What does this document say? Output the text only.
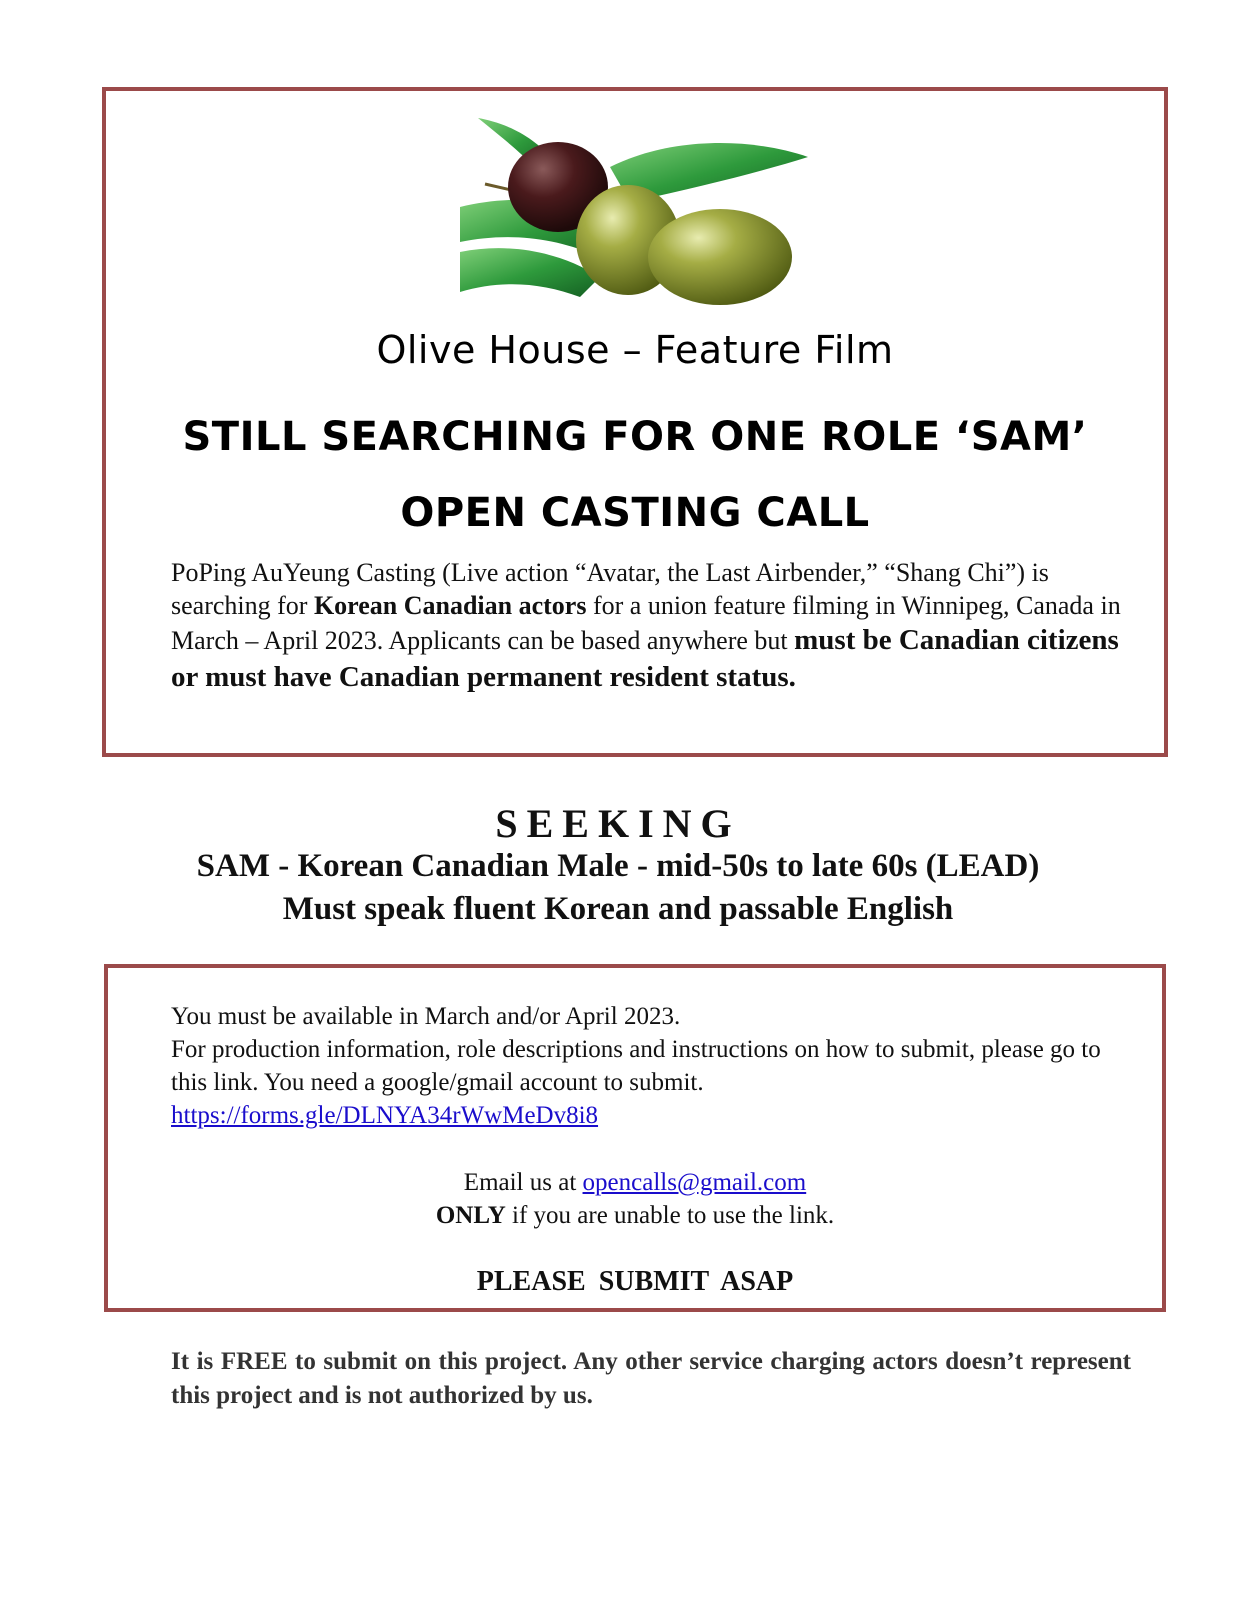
Olive House – Feature Film
STILL SEARCHING FOR ONE ROLE ‘SAM’
OPEN CASTING CALL
PoPing AuYeung Casting (Live action “Avatar, the Last Airbender,” “Shang Chi”) is searching for Korean Canadian actors for a union feature filming in Winnipeg, Canada in March – April 2023. Applicants can be based anywhere but must be Canadian citizens or must have Canadian permanent resident status.
SEEKING
SAM - Korean Canadian Male - mid-50s to late 60s (LEAD)
Must speak fluent Korean and passable English
You must be available in March and/or April 2023.
For production information, role descriptions and instructions on how to submit, please go to this link. You need a google/gmail account to submit.
https://forms.gle/DLNYA34rWwMeDv8i8
Email us at opencalls@gmail.com
ONLY if you are unable to use the link.
PLEASE SUBMIT ASAP
It is FREE to submit on this project. Any other service charging actors doesn’t represent this project and is not authorized by us.
